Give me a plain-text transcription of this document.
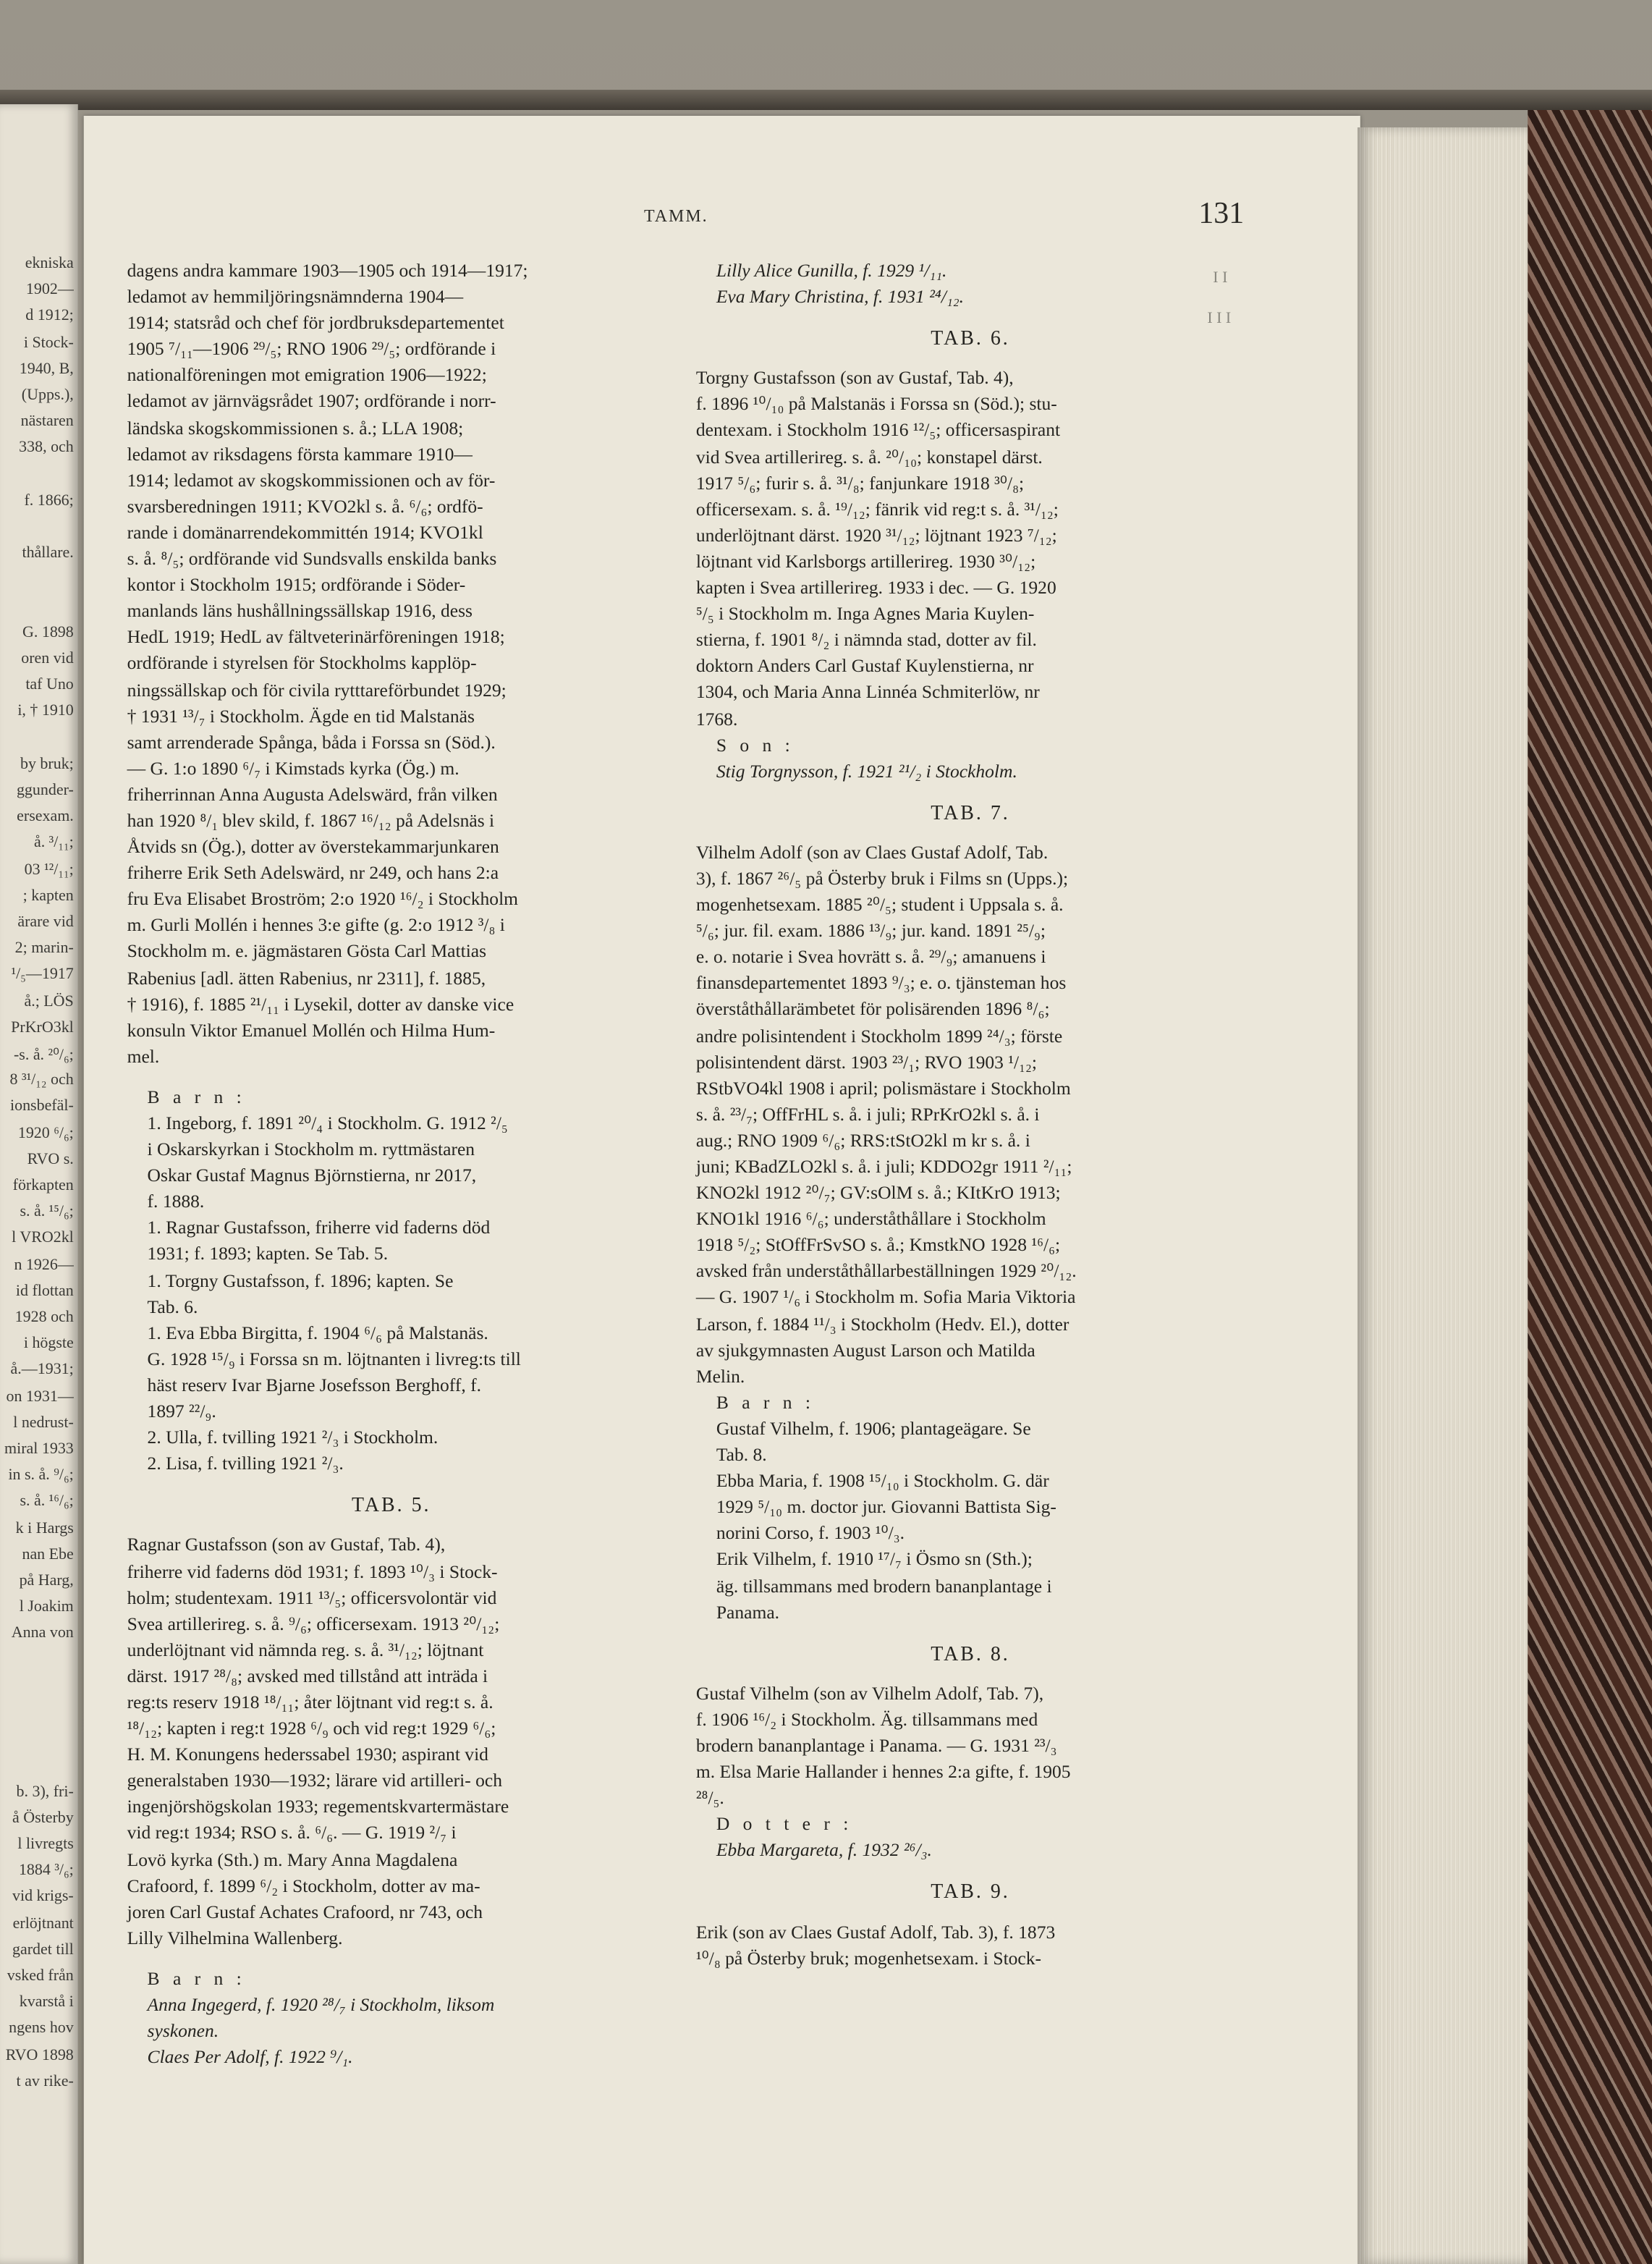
ekniska
1902—
d 1912;
i Stock-
1940, B,
(Upps.),
nästaren
338, och
f. 1866;
thållare.
G. 1898
oren vid
taf Uno
i, † 1910
by bruk;
ggunder-
ersexam.
å. ³/₁₁;
03 ¹²/₁₁;
; kapten
ärare vid
2; marin-
¹/₅—1917
å.; LÖS
PrKrO3kl
-s. å. ²⁰/₆;
8 ³¹/₁₂ och
ionsbefäl-
1920 ⁶/₆;
RVO s.
förkapten
s. å. ¹⁵/₆;
l VRO2kl
n 1926—
id flottan
1928 och
i högste
å.—1931;
on 1931—
l nedrust-
miral 1933
in s. å. ⁹/₆;
s. å. ¹⁶/₆;
k i Hargs
nan Ebe
på Harg,
l Joakim
Anna von
b. 3), fri-
å Österby
l livregts
1884 ³/₆;
vid krigs-
erlöjtnant
gardet till
vsked från
kvarstå i
ngens hov
RVO 1898
t av rike-
TAMM.	131
I I
I I I
dagens andra kammare 1903—1905 och 1914—1917;
ledamot av hemmiljöringsnämnderna 1904—
1914; statsråd och chef för jordbruksdepartementet
1905 ⁷/₁₁—1906 ²⁹/₅; RNO 1906 ²⁹/₅; ordförande i
nationalföreningen mot emigration 1906—1922;
ledamot av järnvägsrådet 1907; ordförande i norr-
ländska skogskommissionen s. å.; LLA 1908;
ledamot av riksdagens första kammare 1910—
1914; ledamot av skogskommissionen och av för-
svarsberedningen 1911; KVO2kl s. å. ⁶/₆; ordfö-
rande i domänarrendekommittén 1914; KVO1kl
s. å. ⁸/₅; ordförande vid Sundsvalls enskilda banks
kontor i Stockholm 1915; ordförande i Söder-
manlands läns hushållningssällskap 1916, dess
HedL 1919; HedL av fältveterinärföreningen 1918;
ordförande i styrelsen för Stockholms kapplöp-
ningssällskap och för civila rytttareförbundet 1929;
† 1931 ¹³/₇ i Stockholm. Ägde en tid Malstanäs
samt arrenderade Spånga, båda i Forssa sn (Söd.).
— G. 1:o 1890 ⁶/₇ i Kimstads kyrka (Ög.) m.
friherrinnan Anna Augusta Adelswärd, från vilken
han 1920 ⁸/₁ blev skild, f. 1867 ¹⁶/₁₂ på Adelsnäs i
Åtvids sn (Ög.), dotter av överstekammarjunkaren
friherre Erik Seth Adelswärd, nr 249, och hans 2:a
fru Eva Elisabet Broström; 2:o 1920 ¹⁶/₂ i Stockholm
m. Gurli Mollén i hennes 3:e gifte (g. 2:o 1912 ³/₈ i
Stockholm m. e. jägmästaren Gösta Carl Mattias
Rabenius [adl. ätten Rabenius, nr 2311], f. 1885,
† 1916), f. 1885 ²¹/₁₁ i Lysekil, dotter av danske vice
konsuln Viktor Emanuel Mollén och Hilma Hum-
mel.
B a r n :
1. Ingeborg, f. 1891 ²⁰/₄ i Stockholm. G. 1912 ²/₅
i Oskarskyrkan i Stockholm m. ryttmästaren
Oskar Gustaf Magnus Björnstierna, nr 2017,
f. 1888.
1. Ragnar Gustafsson, friherre vid faderns död
1931; f. 1893; kapten. Se Tab. 5.
1. Torgny Gustafsson, f. 1896; kapten. Se
Tab. 6.
1. Eva Ebba Birgitta, f. 1904 ⁶/₆ på Malstanäs.
G. 1928 ¹⁵/₉ i Forssa sn m. löjtnanten i livreg:ts till
häst reserv Ivar Bjarne Josefsson Berghoff, f.
1897 ²²/₉.
2. Ulla, f. tvilling 1921 ²/₃ i Stockholm.
2. Lisa, f. tvilling 1921 ²/₃.
TAB. 5.
Ragnar Gustafsson (son av Gustaf, Tab. 4),
friherre vid faderns död 1931; f. 1893 ¹⁰/₃ i Stock-
holm; studentexam. 1911 ¹³/₅; officersvolontär vid
Svea artillerireg. s. å. ⁹/₆; officersexam. 1913 ²⁰/₁₂;
underlöjtnant vid nämnda reg. s. å. ³¹/₁₂; löjtnant
därst. 1917 ²⁸/₈; avsked med tillstånd att inträda i
reg:ts reserv 1918 ¹⁸/₁₁; åter löjtnant vid reg:t s. å.
¹⁸/₁₂; kapten i reg:t 1928 ⁶/₉ och vid reg:t 1929 ⁶/₆;
H. M. Konungens hederssabel 1930; aspirant vid
generalstaben 1930—1932; lärare vid artilleri- och
ingenjörshögskolan 1933; regementskvartermästare
vid reg:t 1934; RSO s. å. ⁶/₆. — G. 1919 ²/₇ i
Lovö kyrka (Sth.) m. Mary Anna Magdalena
Crafoord, f. 1899 ⁶/₂ i Stockholm, dotter av ma-
joren Carl Gustaf Achates Crafoord, nr 743, och
Lilly Vilhelmina Wallenberg.
B a r n :
Anna Ingegerd, f. 1920 ²⁸/₇ i Stockholm, liksom
syskonen.
Claes Per Adolf, f. 1922 ⁹/₁.
Lilly Alice Gunilla, f. 1929 ¹/₁₁.
Eva Mary Christina, f. 1931 ²⁴/₁₂.
TAB. 6.
Torgny Gustafsson (son av Gustaf, Tab. 4),
f. 1896 ¹⁰/₁₀ på Malstanäs i Forssa sn (Söd.); stu-
dentexam. i Stockholm 1916 ¹²/₅; officersaspirant
vid Svea artillerireg. s. å. ²⁰/₁₀; konstapel därst.
1917 ⁵/₆; furir s. å. ³¹/₈; fanjunkare 1918 ³⁰/₈;
officersexam. s. å. ¹⁹/₁₂; fänrik vid reg:t s. å. ³¹/₁₂;
underlöjtnant därst. 1920 ³¹/₁₂; löjtnant 1923 ⁷/₁₂;
löjtnant vid Karlsborgs artillerireg. 1930 ³⁰/₁₂;
kapten i Svea artillerireg. 1933 i dec. — G. 1920
⁵/₅ i Stockholm m. Inga Agnes Maria Kuylen-
stierna, f. 1901 ⁸/₂ i nämnda stad, dotter av fil.
doktorn Anders Carl Gustaf Kuylenstierna, nr
1304, och Maria Anna Linnéa Schmiterlöw, nr
1768.
S o n :
Stig Torgnysson, f. 1921 ²¹/₂ i Stockholm.
TAB. 7.
Vilhelm Adolf (son av Claes Gustaf Adolf, Tab.
3), f. 1867 ²⁶/₅ på Österby bruk i Films sn (Upps.);
mogenhetsexam. 1885 ²⁰/₅; student i Uppsala s. å.
⁵/₆; jur. fil. exam. 1886 ¹³/₉; jur. kand. 1891 ²⁵/₉;
e. o. notarie i Svea hovrätt s. å. ²⁹/₉; amanuens i
finansdepartementet 1893 ⁹/₃; e. o. tjänsteman hos
överståthållarämbetet för polisärenden 1896 ⁸/₆;
andre polisintendent i Stockholm 1899 ²⁴/₃; förste
polisintendent därst. 1903 ²³/₁; RVO 1903 ¹/₁₂;
RStbVO4kl 1908 i april; polismästare i Stockholm
s. å. ²³/₇; OffFrHL s. å. i juli; RPrKrO2kl s. å. i
aug.; RNO 1909 ⁶/₆; RRS:tStO2kl m kr s. å. i
juni; KBadZLO2kl s. å. i juli; KDDO2gr 1911 ²/₁₁;
KNO2kl 1912 ²⁰/₇; GV:sOlM s. å.; KItKrO 1913;
KNO1kl 1916 ⁶/₆; underståthållare i Stockholm
1918 ⁵/₂; StOffFrSvSO s. å.; KmstkNO 1928 ¹⁶/₆;
avsked från underståthållarbeställningen 1929 ²⁰/₁₂.
— G. 1907 ¹/₆ i Stockholm m. Sofia Maria Viktoria
Larson, f. 1884 ¹¹/₃ i Stockholm (Hedv. El.), dotter
av sjukgymnasten August Larson och Matilda
Melin.
B a r n :
Gustaf Vilhelm, f. 1906; plantageägare. Se
Tab. 8.
Ebba Maria, f. 1908 ¹⁵/₁₀ i Stockholm. G. där
1929 ⁵/₁₀ m. doctor jur. Giovanni Battista Sig-
norini Corso, f. 1903 ¹⁰/₃.
Erik Vilhelm, f. 1910 ¹⁷/₇ i Ösmo sn (Sth.);
äg. tillsammans med brodern bananplantage i
Panama.
TAB. 8.
Gustaf Vilhelm (son av Vilhelm Adolf, Tab. 7),
f. 1906 ¹⁶/₂ i Stockholm. Äg. tillsammans med
brodern bananplantage i Panama. — G. 1931 ²³/₃
m. Elsa Marie Hallander i hennes 2:a gifte, f. 1905
²⁸/₅.
D o t t e r :
Ebba Margareta, f. 1932 ²⁶/₃.
TAB. 9.
Erik (son av Claes Gustaf Adolf, Tab. 3), f. 1873
¹⁰/₈ på Österby bruk; mogenhetsexam. i Stock-
